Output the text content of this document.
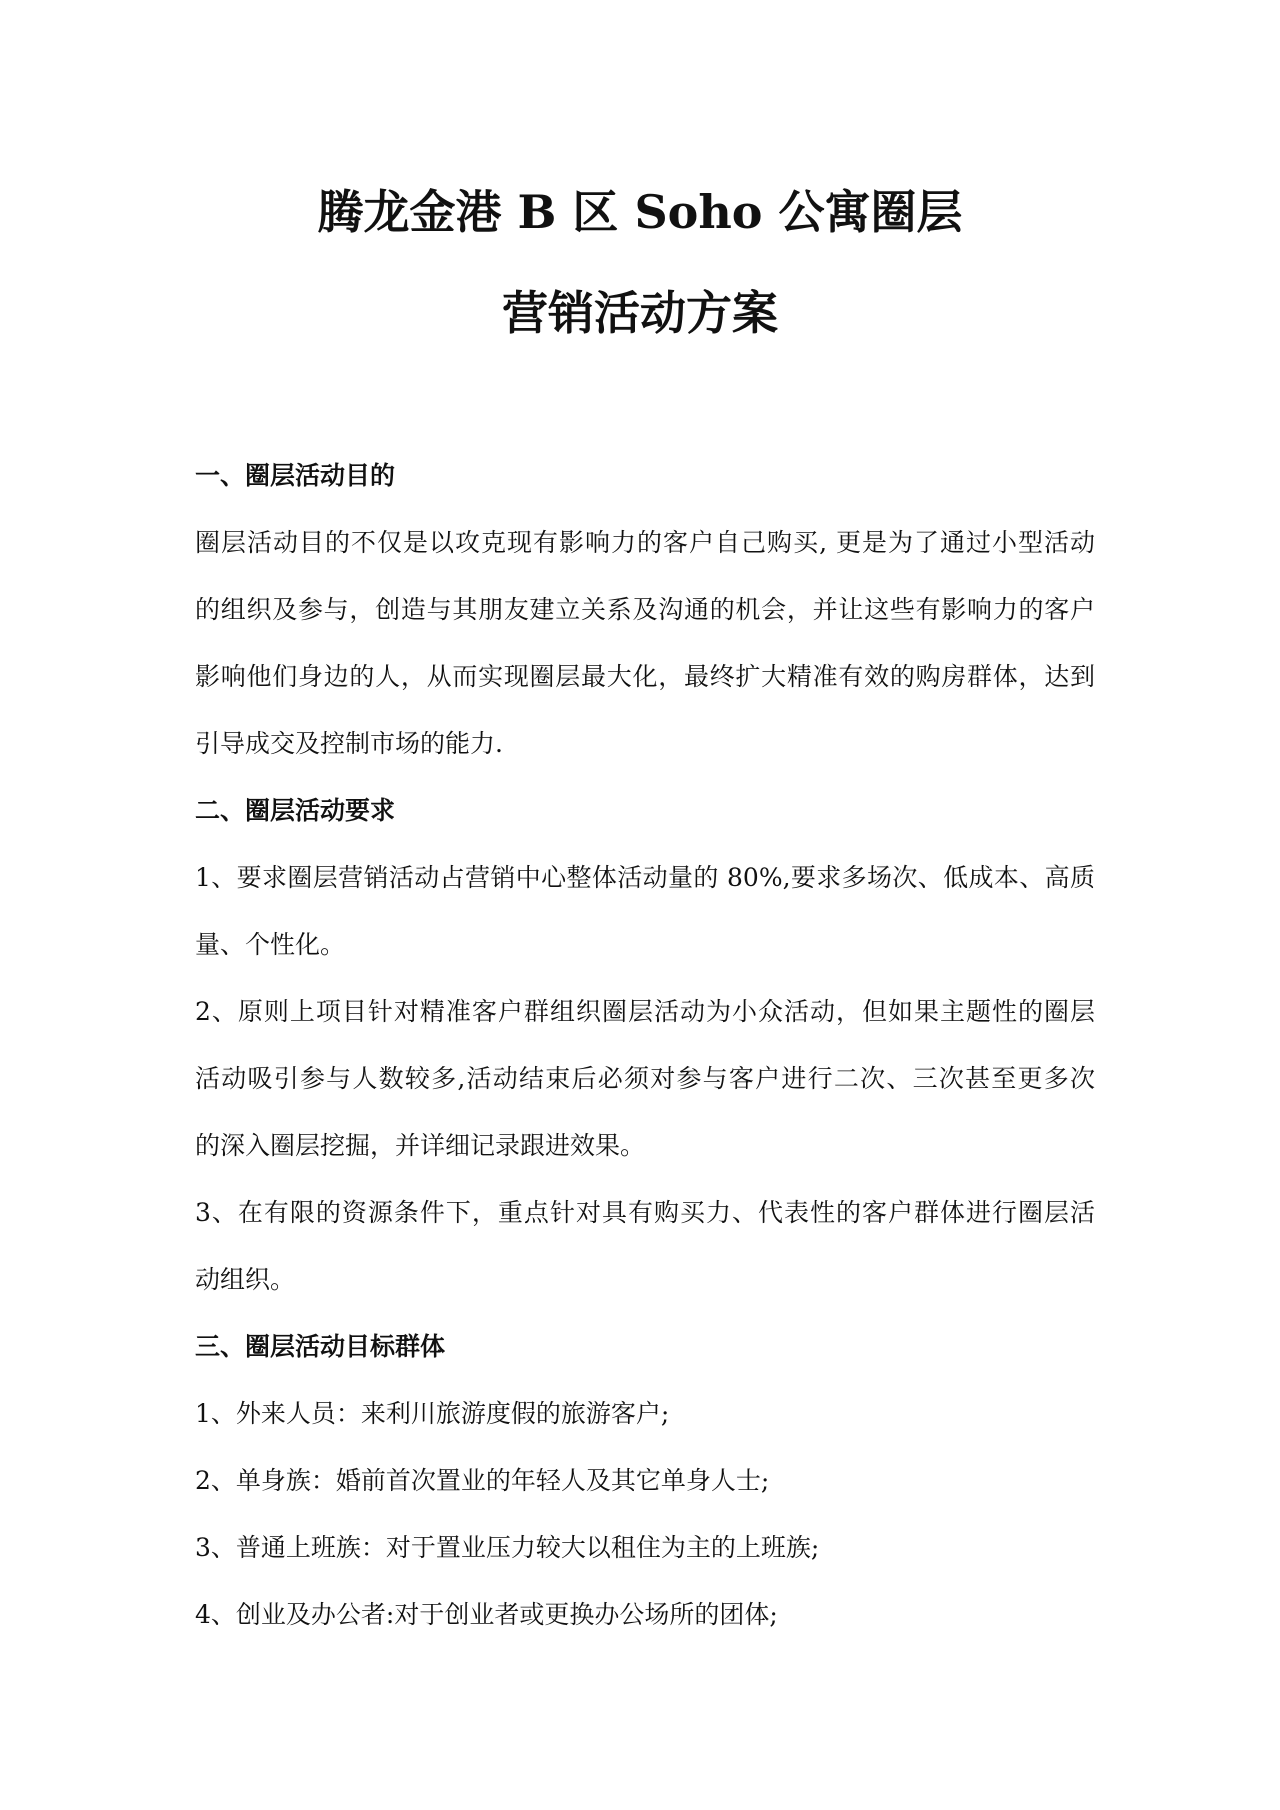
腾龙金港 B 区 Soho 公寓圈层
营销活动方案

一、圈层活动目的

圈层活动目的不仅是以攻克现有影响力的客户自己购买, 更是为了通过小型活动

的组织及参与，创造与其朋友建立关系及沟通的机会，并让这些有影响力的客户

影响他们身边的人，从而实现圈层最大化，最终扩大精准有效的购房群体，达到

引导成交及控制市场的能力.

二、圈层活动要求

1、要求圈层营销活动占营销中心整体活动量的 80%,要求多场次、低成本、高质

量、个性化。

2、原则上项目针对精准客户群组织圈层活动为小众活动，但如果主题性的圈层

活动吸引参与人数较多,活动结束后必须对参与客户进行二次、三次甚至更多次

的深入圈层挖掘，并详细记录跟进效果。

3、在有限的资源条件下，重点针对具有购买力、代表性的客户群体进行圈层活

动组织。

三、圈层活动目标群体

1、外来人员：来利川旅游度假的旅游客户;

2、单身族：婚前首次置业的年轻人及其它单身人士;

3、普通上班族：对于置业压力较大以租住为主的上班族;

4、创业及办公者:对于创业者或更换办公场所的团体;
